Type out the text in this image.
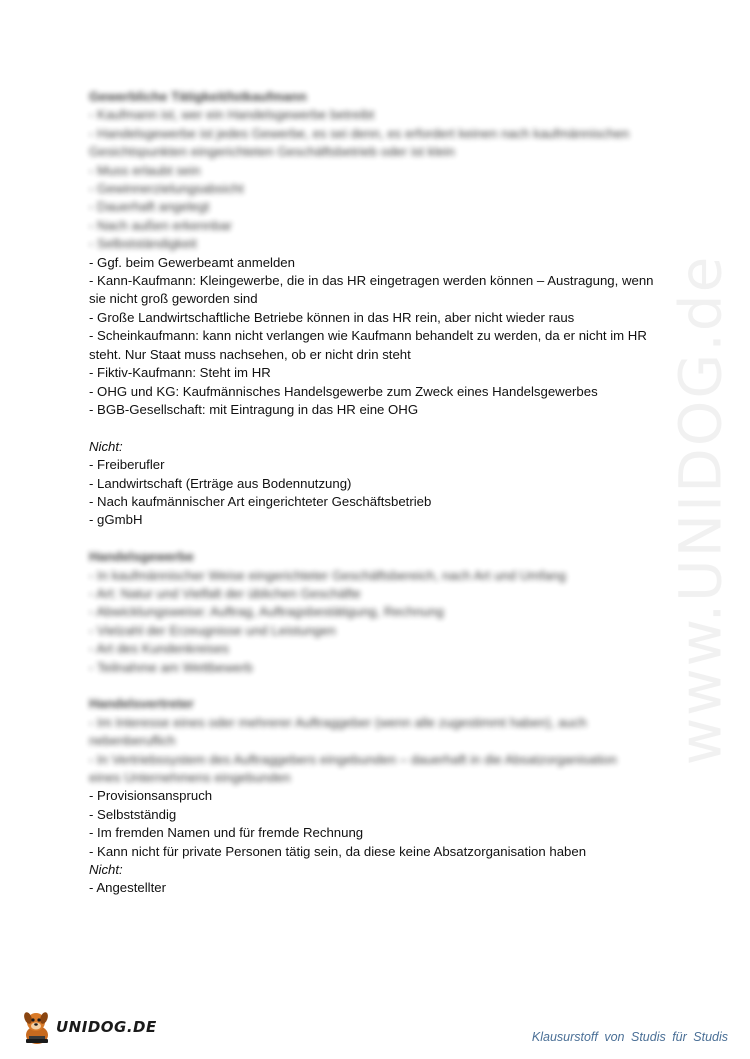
www.UNIDOG.de
Gewerbliche Tätigkeit/Istkaufmann
- Kaufmann ist, wer ein Handelsgewerbe betreibt
- Handelsgewerbe ist jedes Gewerbe, es sei denn, es erfordert keinen nach kaufmännischen
Gesichtspunkten eingerichteten Geschäftsbetrieb oder ist klein
- Muss erlaubt sein
- Gewinnerzielungsabsicht
- Dauerhaft angelegt
- Nach außen erkennbar
- Selbstständigkeit
- Ggf. beim Gewerbeamt anmelden
- Kann-Kaufmann: Kleingewerbe, die in das HR eingetragen werden können – Austragung, wenn sie nicht groß geworden sind
- Große Landwirtschaftliche Betriebe können in das HR rein, aber nicht wieder raus
- Scheinkaufmann: kann nicht verlangen wie Kaufmann behandelt zu werden, da er nicht im HR steht. Nur Staat muss nachsehen, ob er nicht drin steht
- Fiktiv-Kaufmann: Steht im HR
- OHG und KG: Kaufmännisches Handelsgewerbe zum Zweck eines Handelsgewerbes
- BGB-Gesellschaft: mit Eintragung in das HR eine OHG
Nicht:
- Freiberufler
- Landwirtschaft (Erträge aus Bodennutzung)
- Nach kaufmännischer Art eingerichteter Geschäftsbetrieb
- gGmbH
Handelsgewerbe
- In kaufmännischer Weise eingerichteter Geschäftsbereich, nach Art und Umfang
- Art: Natur und Vielfalt der üblichen Geschäfte
- Abwicklungsweise: Auftrag, Auftragsbestätigung, Rechnung
- Vielzahl der Erzeugnisse und Leistungen
- Art des Kundenkreises
- Teilnahme am Wettbewerb
Handelsvertreter
- Im Interesse eines oder mehrerer Auftraggeber (wenn alle zugestimmt haben), auch
nebenberuflich
- In Vertriebssystem des Auftraggebers eingebunden – dauerhaft in die Absatzorganisation
eines Unternehmens eingebunden
- Provisionsanspruch
- Selbstständig
- Im fremden Namen und für fremde Rechnung
- Kann nicht für private Personen tätig sein, da diese keine Absatzorganisation haben
Nicht:
- Angestellter
UNIDOG.DE
Klausurstoff von Studis für Studis
